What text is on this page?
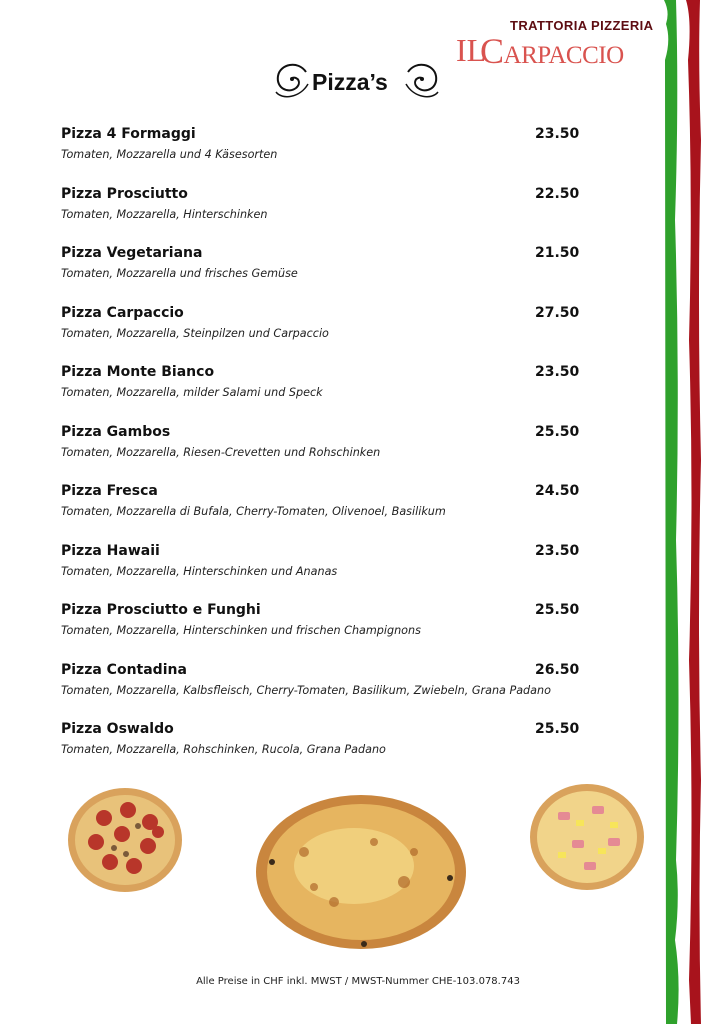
TRATTORIA PIZZERIA
IL
Carpaccio
Pizza’s
Pizza 4 Formaggi	23.50
Tomaten, Mozzarella und 4 Käsesorten
Pizza Prosciutto	22.50
Tomaten, Mozzarella, Hinterschinken
Pizza Vegetariana	21.50
Tomaten, Mozzarella und frisches Gemüse
Pizza Carpaccio	27.50
Tomaten, Mozzarella, Steinpilzen und Carpaccio
Pizza Monte Bianco	23.50
Tomaten, Mozzarella, milder Salami und Speck
Pizza Gambos	25.50
Tomaten, Mozzarella, Riesen-Crevetten und Rohschinken
Pizza Fresca	24.50
Tomaten, Mozzarella di Bufala, Cherry-Tomaten, Olivenoel, Basilikum
Pizza Hawaii	23.50
Tomaten, Mozzarella, Hinterschinken und Ananas
Pizza Prosciutto e Funghi	25.50
Tomaten, Mozzarella, Hinterschinken und frischen Champignons
Pizza Contadina	26.50
Tomaten, Mozzarella, Kalbsfleisch, Cherry-Tomaten, Basilikum, Zwiebeln, Grana Padano
Pizza Oswaldo	25.50
Tomaten, Mozzarella, Rohschinken, Rucola, Grana Padano
Alle Preise in CHF inkl. MWST / MWST-Nummer CHE-103.078.743
